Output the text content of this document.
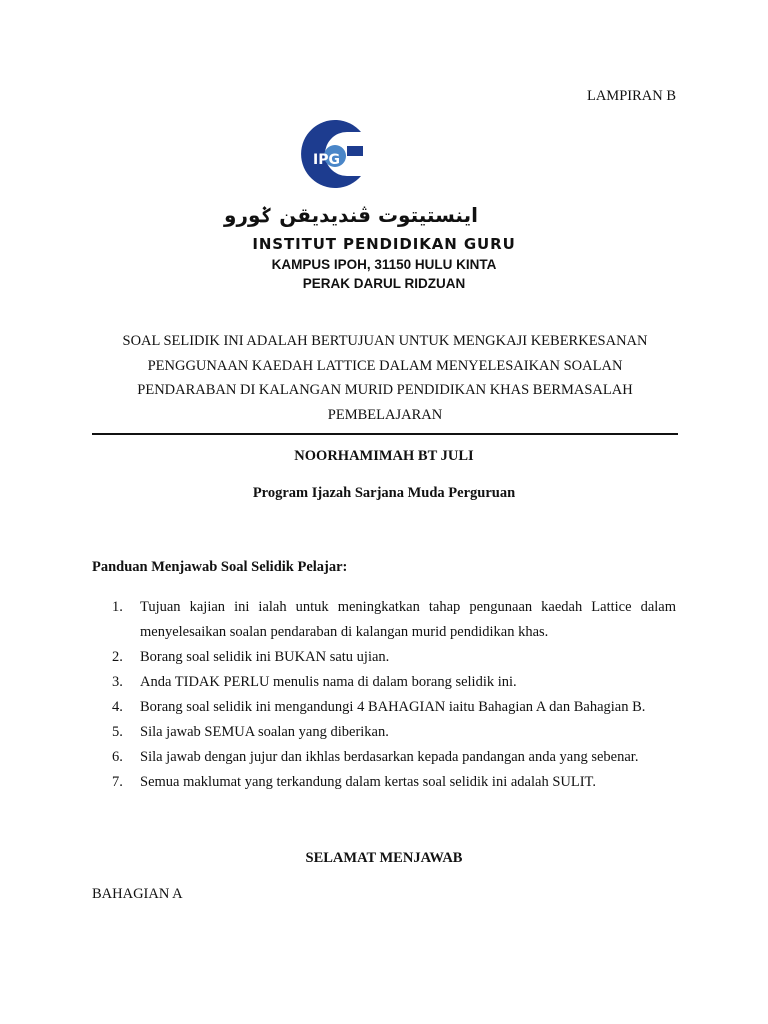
LAMPIRAN B
IPG
اينستيتوت ڤنديديقن ݢورو
INSTITUT PENDIDIKAN GURU
KAMPUS IPOH, 31150 HULU KINTA
PERAK DARUL RIDZUAN
SOAL SELIDIK INI ADALAH BERTUJUAN UNTUK MENGKAJI KEBERKESANAN
PENGGUNAAN KAEDAH LATTICE DALAM MENYELESAIKAN SOALAN
PENDARABAN DI KALANGAN MURID PENDIDIKAN KHAS BERMASALAH
PEMBELAJARAN
NOORHAMIMAH BT JULI
Program Ijazah Sarjana Muda Perguruan
Panduan Menjawab Soal Selidik Pelajar:
1. Tujuan kajian ini ialah untuk meningkatkan tahap pengunaan kaedah Lattice dalam menyelesaikan soalan pendaraban di kalangan murid pendidikan khas.
2. Borang soal selidik ini BUKAN satu ujian.
3. Anda TIDAK PERLU menulis nama di dalam borang selidik ini.
4. Borang soal selidik ini mengandungi 4 BAHAGIAN iaitu Bahagian A dan Bahagian B.
5. Sila jawab SEMUA soalan yang diberikan.
6. Sila jawab dengan jujur dan ikhlas berdasarkan kepada pandangan anda yang sebenar.
7. Semua maklumat yang terkandung dalam kertas soal selidik ini adalah SULIT.
SELAMAT MENJAWAB
BAHAGIAN A
